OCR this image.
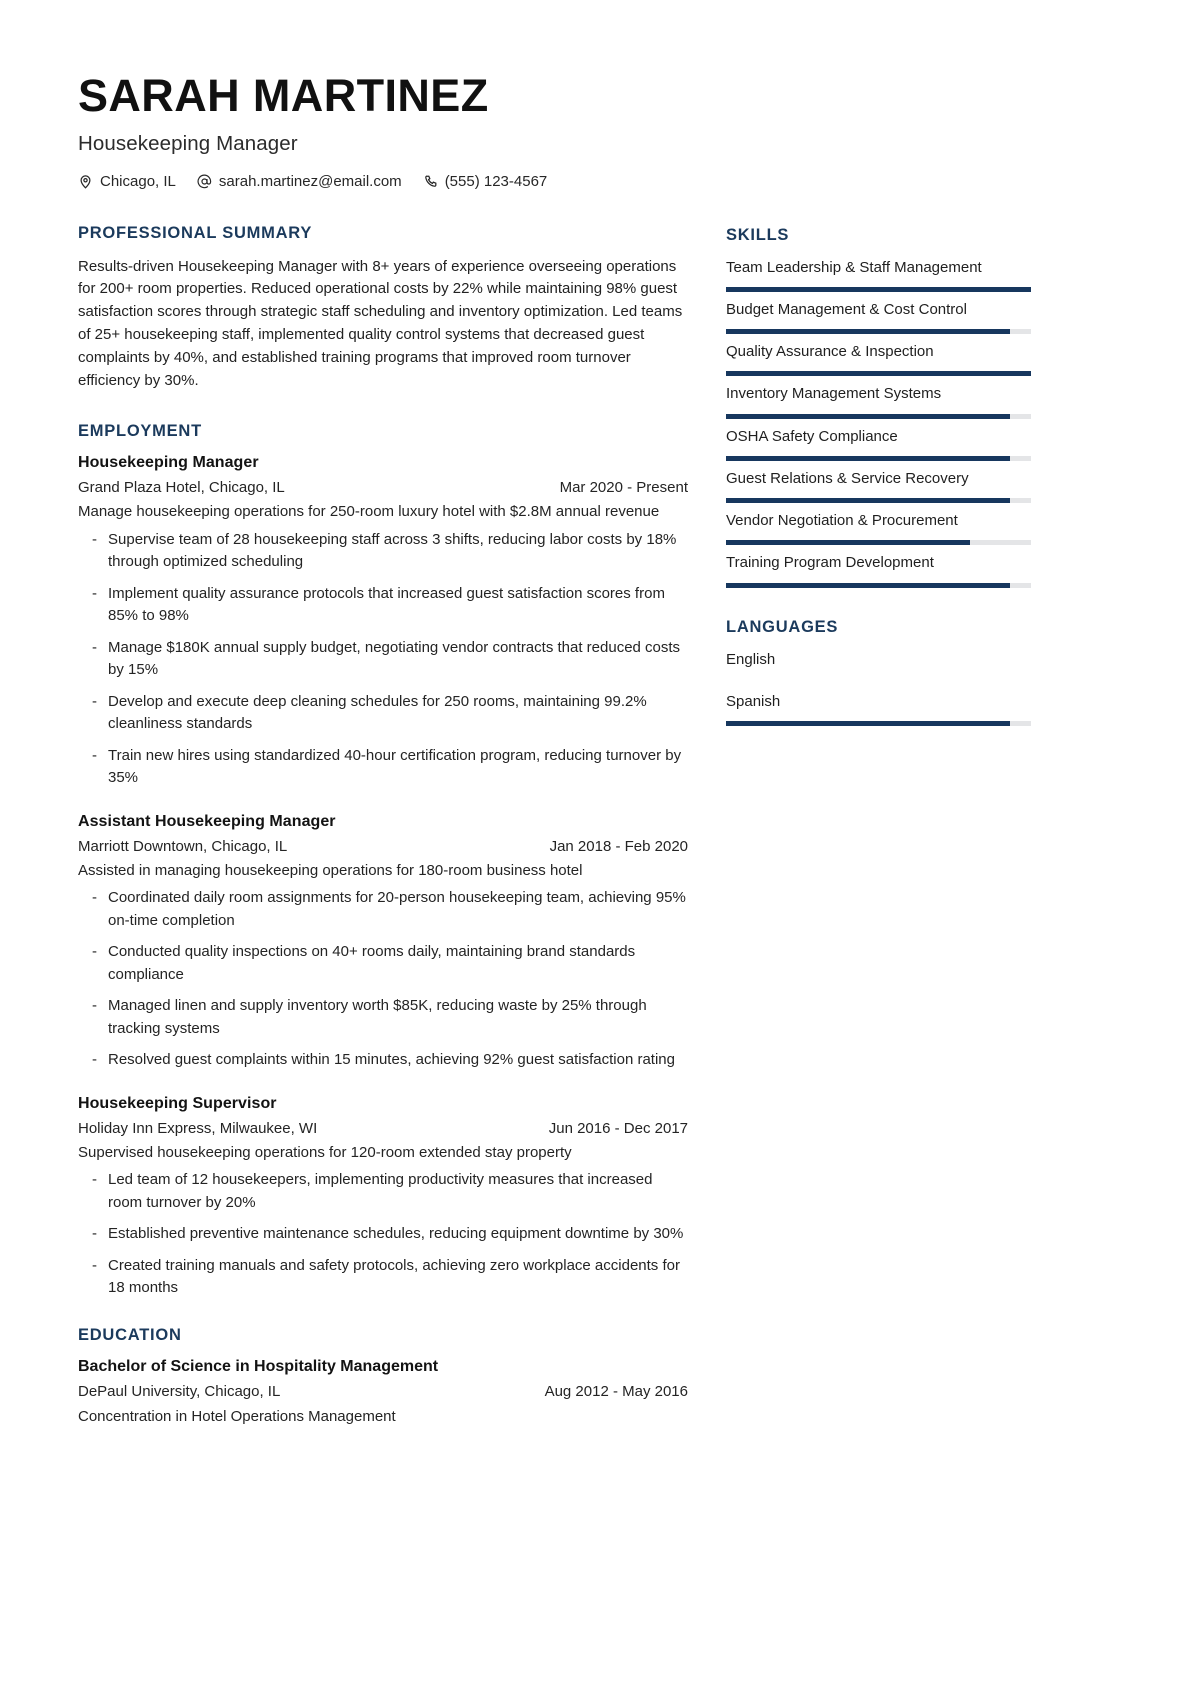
SARAH MARTINEZ
Housekeeping Manager
Chicago, IL	sarah.martinez@email.com	(555) 123-4567
PROFESSIONAL SUMMARY
Results-driven Housekeeping Manager with 8+ years of experience overseeing operations for 200+ room properties. Reduced operational costs by 22% while maintaining 98% guest satisfaction scores through strategic staff scheduling and inventory optimization. Led teams of 25+ housekeeping staff, implemented quality control systems that decreased guest complaints by 40%, and established training programs that improved room turnover efficiency by 30%.
EMPLOYMENT
Housekeeping Manager
Grand Plaza Hotel, Chicago, IL	Mar 2020 - Present
Manage housekeeping operations for 250-room luxury hotel with $2.8M annual revenue
- Supervise team of 28 housekeeping staff across 3 shifts, reducing labor costs by 18% through optimized scheduling
- Implement quality assurance protocols that increased guest satisfaction scores from 85% to 98%
- Manage $180K annual supply budget, negotiating vendor contracts that reduced costs by 15%
- Develop and execute deep cleaning schedules for 250 rooms, maintaining 99.2% cleanliness standards
- Train new hires using standardized 40-hour certification program, reducing turnover by 35%
Assistant Housekeeping Manager
Marriott Downtown, Chicago, IL	Jan 2018 - Feb 2020
Assisted in managing housekeeping operations for 180-room business hotel
- Coordinated daily room assignments for 20-person housekeeping team, achieving 95% on-time completion
- Conducted quality inspections on 40+ rooms daily, maintaining brand standards compliance
- Managed linen and supply inventory worth $85K, reducing waste by 25% through tracking systems
- Resolved guest complaints within 15 minutes, achieving 92% guest satisfaction rating
Housekeeping Supervisor
Holiday Inn Express, Milwaukee, WI	Jun 2016 - Dec 2017
Supervised housekeeping operations for 120-room extended stay property
- Led team of 12 housekeepers, implementing productivity measures that increased room turnover by 20%
- Established preventive maintenance schedules, reducing equipment downtime by 30%
- Created training manuals and safety protocols, achieving zero workplace accidents for 18 months
EDUCATION
Bachelor of Science in Hospitality Management
DePaul University, Chicago, IL	Aug 2012 - May 2016
Concentration in Hotel Operations Management
SKILLS
Team Leadership & Staff Management
Budget Management & Cost Control
Quality Assurance & Inspection
Inventory Management Systems
OSHA Safety Compliance
Guest Relations & Service Recovery
Vendor Negotiation & Procurement
Training Program Development
LANGUAGES
English
Spanish
